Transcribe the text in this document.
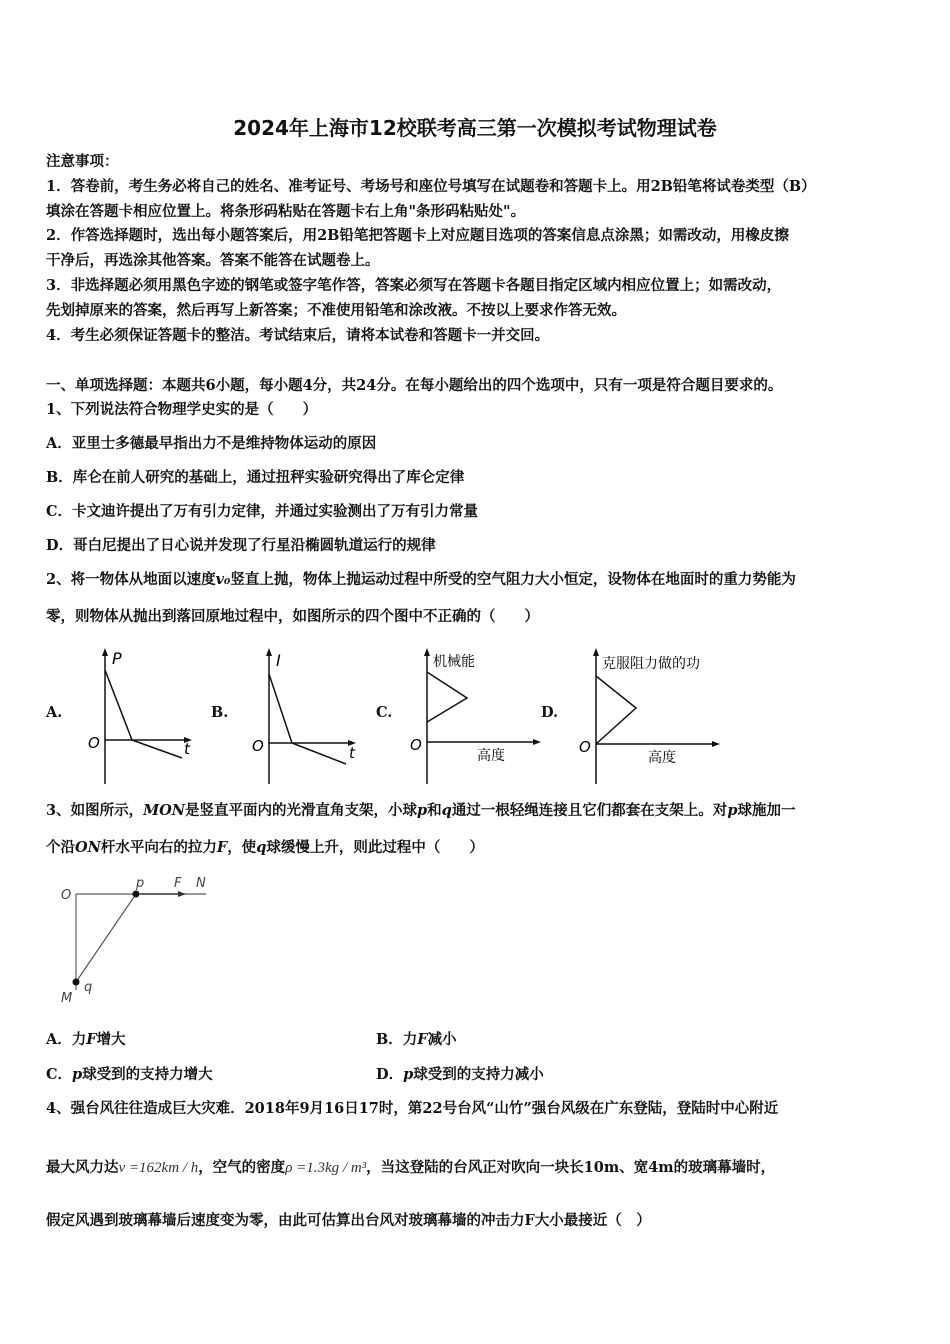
2024年上海市12校联考高三第一次模拟考试物理试卷
注意事项：
1．答卷前，考生务必将自己的姓名、准考证号、考场号和座位号填写在试题卷和答题卡上。用2B铅笔将试卷类型（B）
填涂在答题卡相应位置上。将条形码粘贴在答题卡右上角"条形码粘贴处"。
2．作答选择题时，选出每小题答案后，用2B铅笔把答题卡上对应题目选项的答案信息点涂黑；如需改动，用橡皮擦
干净后，再选涂其他答案。答案不能答在试题卷上。
3．非选择题必须用黑色字迹的钢笔或签字笔作答，答案必须写在答题卡各题目指定区域内相应位置上；如需改动，
先划掉原来的答案，然后再写上新答案；不准使用铅笔和涂改液。不按以上要求作答无效。
4．考生必须保证答题卡的整洁。考试结束后，请将本试卷和答题卡一并交回。
一、单项选择题：本题共6小题，每小题4分，共24分。在每小题给出的四个选项中，只有一项是符合题目要求的。
1、下列说法符合物理学史实的是（　　）
A．亚里士多德最早指出力不是维持物体运动的原因
B．库仑在前人研究的基础上，通过扭秤实验研究得出了库仑定律
C．卡文迪许提出了万有引力定律，并通过实验测出了万有引力常量
D．哥白尼提出了日心说并发现了行星沿椭圆轨道运行的规律
2、将一物体从地面以速度v₀竖直上抛，物体上抛运动过程中所受的空气阻力大小恒定，设物体在地面时的重力势能为
零，则物体从抛出到落回原地过程中，如图所示的四个图中不正确的（　　）
A.
P
t
O
B.
I
t
O
C.
机械能
高度
O
D.
克服阻力做的功
高度
O
3、如图所示，MON是竖直平面内的光滑直角支架，小球p和q通过一根轻绳连接且它们都套在支架上。对p球施加一
个沿ON杆水平向右的拉力F，使q球缓慢上升，则此过程中（　　）
O
p F N
M
q
A．力F增大	B．力F减小
C．p球受到的支持力增大	D．p球受到的支持力减小
4、强台风往往造成巨大灾难．2018年9月16日17时，第22号台风“山竹”强台风级在广东登陆，登陆时中心附近
最大风力达v =162km / h，空气的密度ρ =1.3kg / m³，当这登陆的台风正对吹向一块长10m、宽4m的玻璃幕墙时，
假定风遇到玻璃幕墙后速度变为零，由此可估算出台风对玻璃幕墙的冲击力F大小最接近（　）
